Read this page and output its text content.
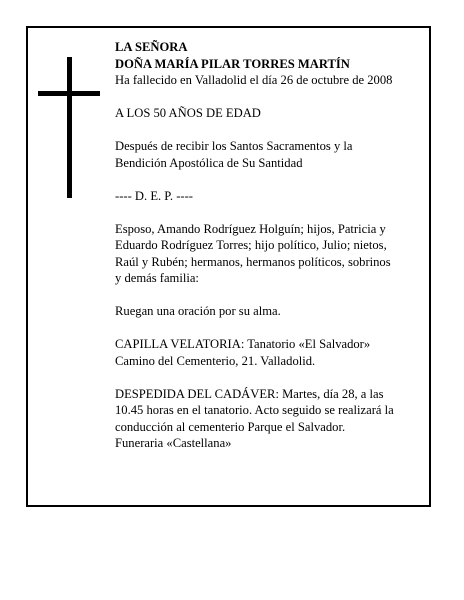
LA SEÑORA
DOÑA MARÍA PILAR TORRES MARTÍN
Ha fallecido en Valladolid el día 26 de octubre de 2008

A LOS 50 AÑOS DE EDAD

Después de recibir los Santos Sacramentos y la
Bendición Apostólica de Su Santidad

---- D. E. P. ----

Esposo, Amando Rodríguez Holguín; hijos, Patricia y
Eduardo Rodríguez Torres; hijo político, Julio; nietos,
Raúl y Rubén; hermanos, hermanos políticos, sobrinos
y demás familia:

Ruegan una oración por su alma.

CAPILLA VELATORIA: Tanatorio «El Salvador»
Camino del Cementerio, 21. Valladolid.

DESPEDIDA DEL CADÁVER: Martes, día 28, a las
10.45 horas en el tanatorio. Acto seguido se realizará la
conducción al cementerio Parque el Salvador.
Funeraria «Castellana»
